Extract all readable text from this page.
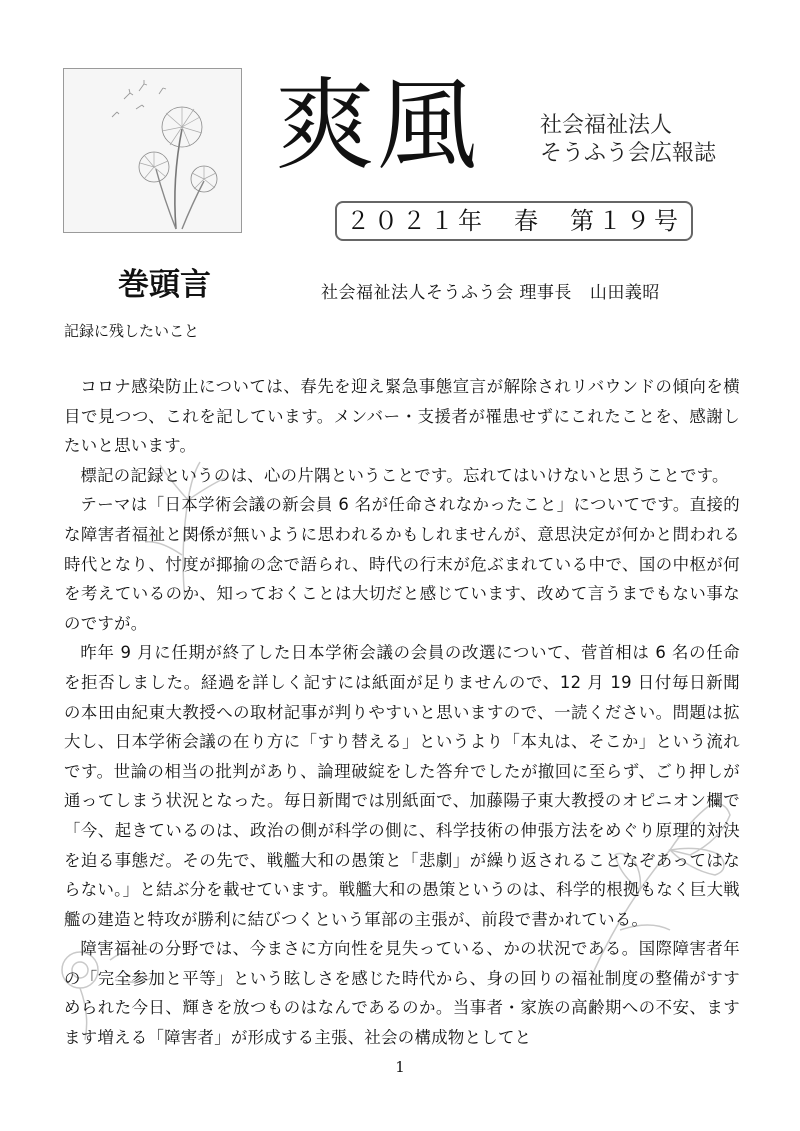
爽風	社会福祉法人
そうふう会広報誌
２０２１年　春　第１９号
巻頭言	社会福祉法人そうふう会 理事長 山田義昭
記録に残したいこと

コロナ感染防止については、春先を迎え緊急事態宣言が解除されリバウンドの傾向を横目で見つつ、これを記しています。メンバー・支援者が罹患せずにこれたことを、感謝したいと思います。

標記の記録というのは、心の片隅ということです。忘れてはいけないと思うことです。

テーマは「日本学術会議の新会員 6 名が任命されなかったこと」についてです。直接的な障害者福祉と関係が無いように思われるかもしれませんが、意思決定が何かと問われる時代となり、忖度が揶揄の念で語られ、時代の行末が危ぶまれている中で、国の中枢が何を考えているのか、知っておくことは大切だと感じています、改めて言うまでもない事なのですが。

昨年 9 月に任期が終了した日本学術会議の会員の改選について、菅首相は 6 名の任命を拒否しました。経過を詳しく記すには紙面が足りませんので、12 月 19 日付毎日新聞の本田由紀東大教授への取材記事が判りやすいと思いますので、一読ください。問題は拡大し、日本学術会議の在り方に「すり替える」というより「本丸は、そこか」という流れです。世論の相当の批判があり、論理破綻をした答弁でしたが撤回に至らず、ごり押しが通ってしまう状況となった。毎日新聞では別紙面で、加藤陽子東大教授のオピニオン欄で「今、起きているのは、政治の側が科学の側に、科学技術の伸張方法をめぐり原理的対決を迫る事態だ。その先で、戦艦大和の愚策と「悲劇」が繰り返されることなぞあってはならない。」と結ぶ分を載せています。戦艦大和の愚策というのは、科学的根拠もなく巨大戦艦の建造と特攻が勝利に結びつくという軍部の主張が、前段で書かれている。

障害福祉の分野では、今まさに方向性を見失っている、かの状況である。国際障害者年の「完全参加と平等」という眩しさを感じた時代から、身の回りの福祉制度の整備がすすめられた今日、輝きを放つものはなんであるのか。当事者・家族の高齢期への不安、ますます増える「障害者」が形成する主張、社会の構成物としてと

1
